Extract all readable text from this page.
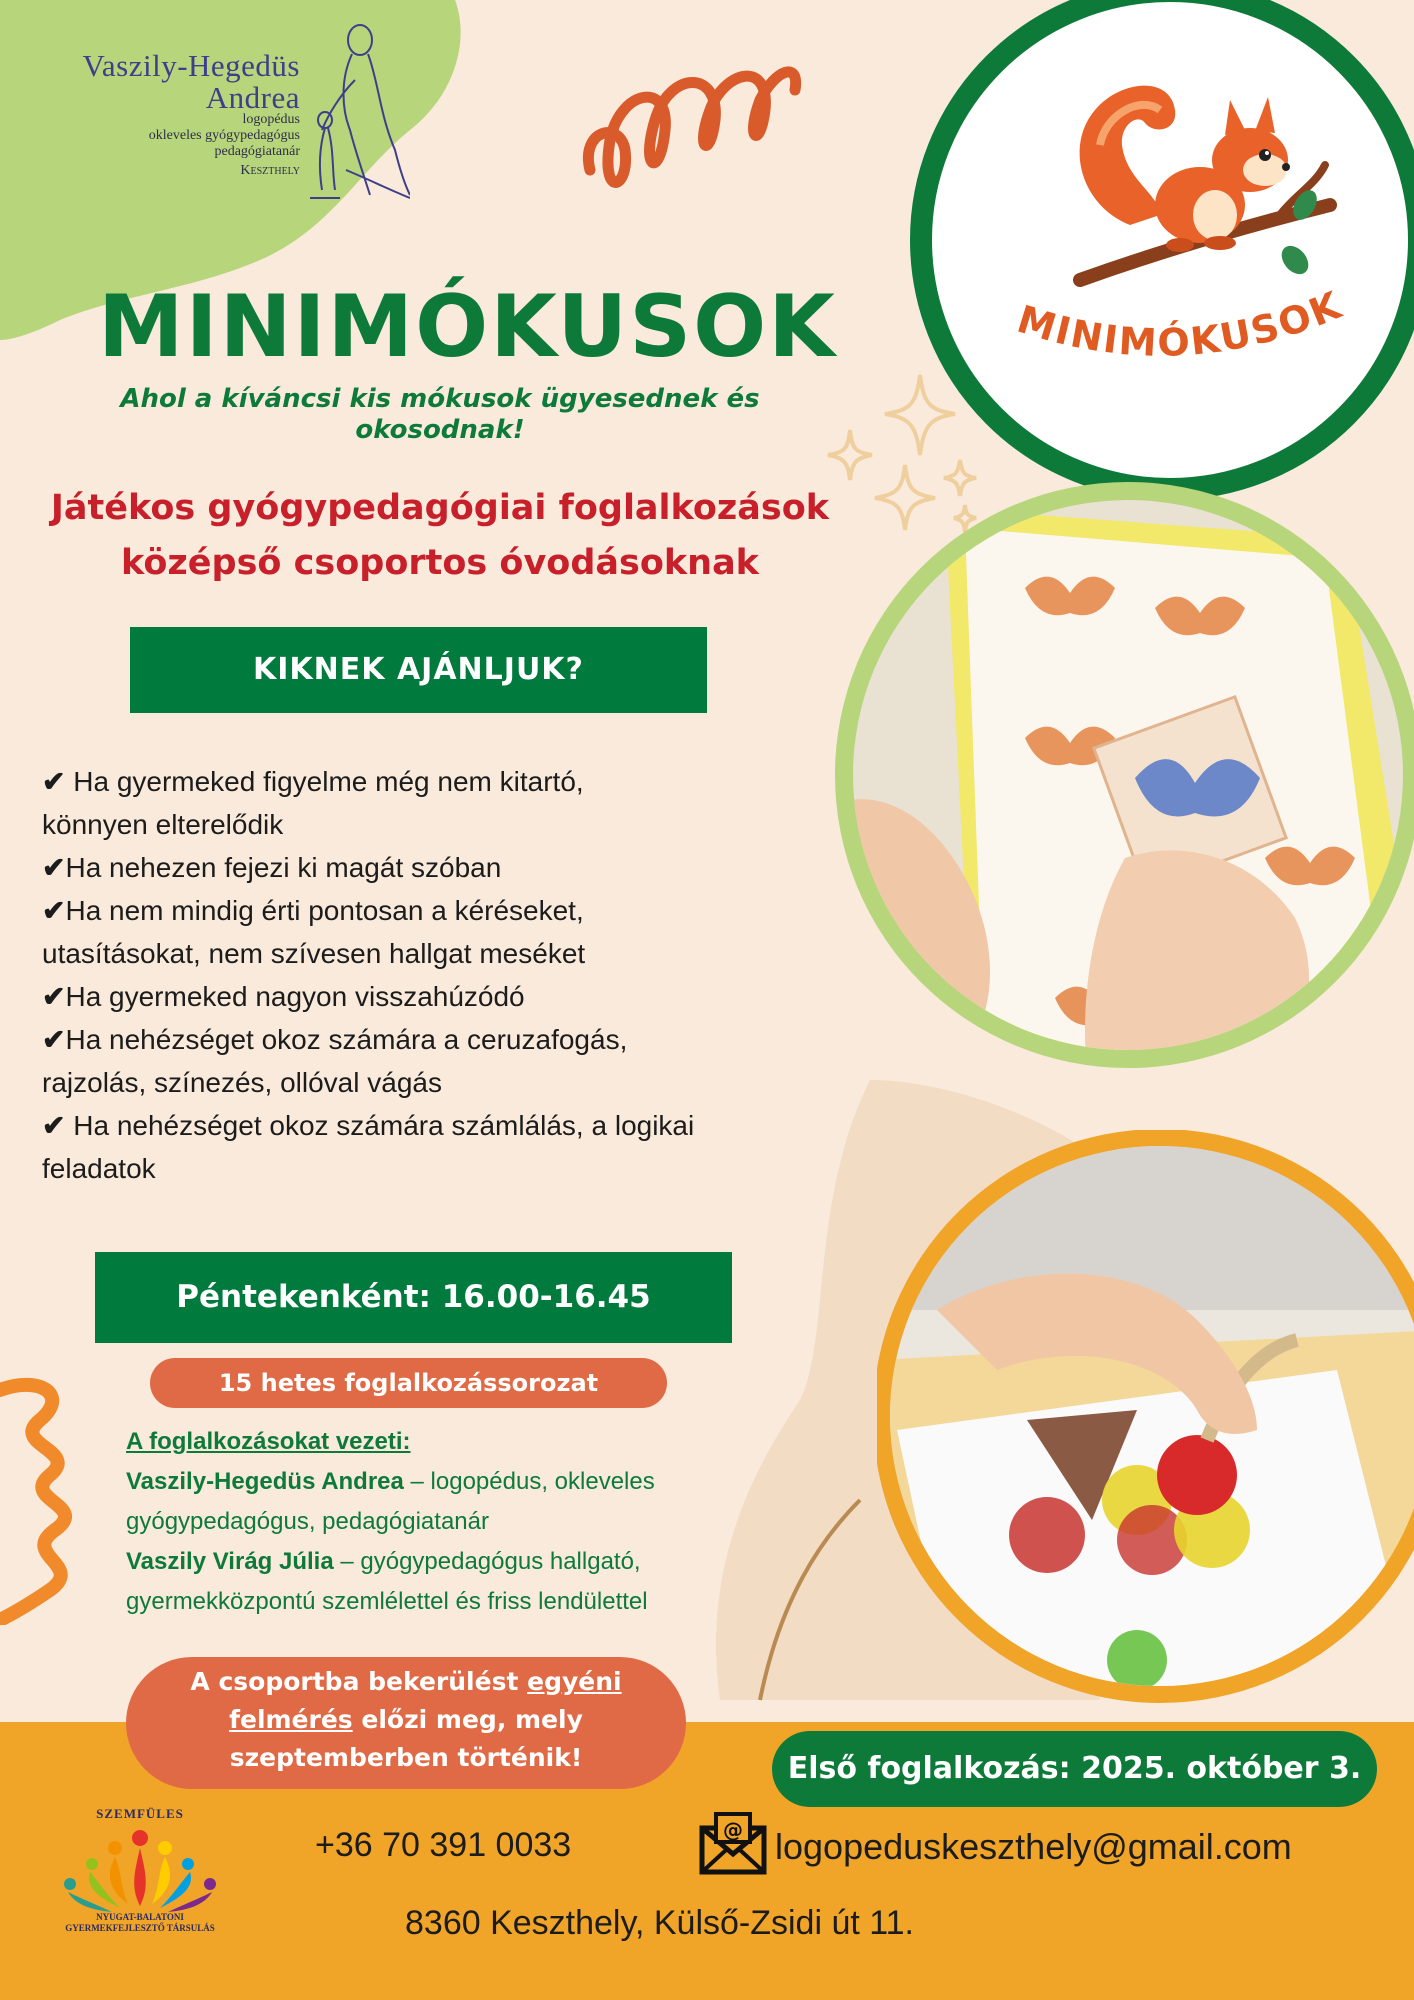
Vaszily-Hegedüs
Andrea
logopédus
okleveles gyógypedagógus
pedagógiatanár
Keszthely
MINIMÓKUSOK
MINIMÓKUSOK
Ahol a kíváncsi kis mókusok ügyesednek és okosodnak!
Játékos gyógypedagógiai foglalkozások
középső csoportos óvodásoknak
KIKNEK AJÁNLJUK?
✔ Ha gyermeked figyelme még nem kitartó,
könnyen elterelődik
✔Ha nehezen fejezi ki magát szóban
✔Ha nem mindig érti pontosan a kéréseket,
utasításokat, nem szívesen hallgat meséket
✔Ha gyermeked nagyon visszahúzódó
✔Ha nehézséget okoz számára a ceruzafogás,
rajzolás, színezés, ollóval vágás
✔ Ha nehézséget okoz számára számlálás, a logikai
feladatok
Péntekenként: 16.00-16.45
15 hetes foglalkozássorozat
A foglalkozásokat vezeti:
Vaszily-Hegedüs Andrea – logopédus, okleveles
gyógypedagógus, pedagógiatanár
Vaszily Virág Júlia – gyógypedagógus hallgató,
gyermekközpontú szemlélettel és friss lendülettel
A csoportba bekerülést egyéni
felmérés előzi meg, mely
szeptemberben történik!	Első foglalkozás: 2025. október 3.
SZEMFÜLES
NYUGAT-BALATONI
GYERMEKFEJLESZTŐ TÁRSULÁS
+36 70 391 0033	@ logopeduskeszthely@gmail.com
8360 Keszthely, Külső-Zsidi út 11.
